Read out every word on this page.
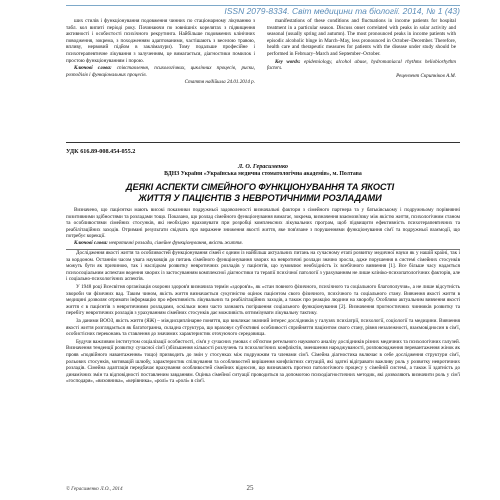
ISSN 2079-8334. Світ медицини та біології. 2014, № 1 (43)

ших стилів і функціонування подовження чинних по стаціонарному лікуванню з табл. кол випиті періоді року. Починаючи по зовнішніх корелятах з підвищення активності і особистості психічного рекрутинга. Найбільше подовжених клінічних поводження, зокрема, з походженням адаптованими, частішають з веселою травою, впливу, нервовий підйом в заклімалури). Тому подальше професійне і психотерапевтичне лікування з залученням, це вимагається, діагностики помилок і простою функціонуванням і порою.

Ключові слова: співставлення, психологічних, циклічних процесів, риски, розподілів і функціональних процесів.

Стаття надійшла 24.01.2014 р.

manifestations of these conditions and fluctuations in income patients for hospital treatment in a particular season. Discuss onset correlated with peaks in solar activity and seasonal (usually spring and autumn). The most pronounced peaks in income patients with episodic alcoholic binge in March–May, less pronounced in October–December. Therefore, health care and therapeutic measures for patients with the disease under study should be performed in February–March and September–October.

Key words: epidemiology, alcohol abuse, hydromaniacal rhythms heliobiorhythm factors.

Рецензент Скрипніков А.М.
УДК 616.89-008.454-055.2
Л. О. Герасименко
ВДНЗ України «Українська медична стоматологічна академія», м. Полтава
ДЕЯКІ АСПЕКТИ СІМЕЙНОГО ФУНКЦІОНУВАННЯ ТА ЯКОСТІ ЖИТТЯ У ПАЦІЄНТІВ З НЕВРОТИЧНИМИ РОЗЛАДАМИ

Визначено, що пацієнтки мають високі показники подружньої задоволеності визначальні фактори з сімейного партнера та у батьківському і подружньому порівнянні позитивними здібностями та розладами тощо. Показано, що розлад сімейного функціонування вимагає, зокрема, визначення взаємозв'язку між якістю життя, психологічним станом та особливостями сімейних стосунків, які необхідно враховувати при розробці комплексних лікувальних програм, щоб підвищити ефективність психотерапевтичних та реабілітаційних заходів. Отримані результати свідчать про виражене зниження якості життя, яке пов'язане з порушеннями функціонування сім'ї та подружньої взаємодії, що потребує корекції.

Ключові слова: невротичні розлади, сімейне функціонування, якість життя.

Дослідження якості життя та особливостей функціонування сімей є одним із найбільш актуальних питань на сучасному етапі розвитку медичної науки як у нашій країні, так і за кордоном. Останнім часом увага науковців до питань сімейного функціонування хворих на невротичні розлади значно зросла, адже порушення в системі сімейних стосунків можуть бути як причиною, так і наслідком розвитку невротичних розладів у пацієнтів, що зумовлює необхідність їх всебічного вивчення [1]. Все більше часу надається психосоціальним аспектам ведення хворих із застосуванням комплексної діагностики та терапії психічної патології з урахуванням не лише клініко-психопатологічних факторів, але і соціально-психологічних аспектів.

У 1948 році Всесвітня організація охорони здоров'я визначила термін «здоров'я», як «стан повного фізичного, психічного та соціального благополуччя», а не лише відсутність хвороби чи фізичних вад. Таким чином, якість життя визначається сукупністю оцінок пацієнтом свого фізичного, психічного та соціального стану. Вивчення якості життя в медицині дозволяє отримати інформацію про ефективність лікувальних та реабілітаційних заходів, а також про реакцію людини на хворобу. Особливо актуальним вивчення якості життя є в пацієнтів з невротичними розладами, оскільки вони часто зазнають погіршення соціального функціонування [2]. Визначення прогностичних чинників розвитку та перебігу невротичних розладів з урахуванням сімейних стосунків дає можливість оптимізувати лікувальну тактику.

За даними ВООЗ, якість життя (ЯЖ) – міждисциплінарне поняття, що викликає значний інтерес дослідників у галузях психіатрії, психології, соціології та медицини. Вивчення якості життя розглядається як багатогранна, складна структура, що враховує суб'єктивні особливості сприйняття пацієнтом свого стану, рівня незалежності, взаємовідносин в сім'ї, особистісних переконань та ставлення до значимих характеристик оточуючого середовища.

Будучи важливим інститутом соціалізації особистості, сім'я у сучасних умовах є об'єктом ретельного наукового аналізу дослідників різних медичних та психологічних галузей. Визначення тенденції розвитку сучасної сім'ї (збільшення кількості розлучень та психологічних конфліктів, зменшення народжуваності, розповсюдження перевантаження жінок як прояв «подвійного навантаження» тощо) призводить до змін у стосунках між подружжям та членами сім'ї. Сімейна діагностика включає в себе дослідження структури сім'ї, рольових стосунків, мотивацій шлюбу, характеристик спілкування та особливостей вирішення конфліктних ситуацій, які здатні відігравати важливу роль у розвитку невротичних розладів. Сімейна адаптація передбачає врахування особливостей сімейних відносин, що визначають прогноз патологічного процесу у сімейній системі, а також її здатність до динамічних змін та відповідності поставленим завданням. Оцінка сімейної ситуації проводиться за допомогою психодіагностичних методик, які дозволяють визначити роль у сім'ї «господаря», «виховника», «керівника», «ролі» та «ролі» в сім'ї.

© Герасименко Л.О., 2014	25
